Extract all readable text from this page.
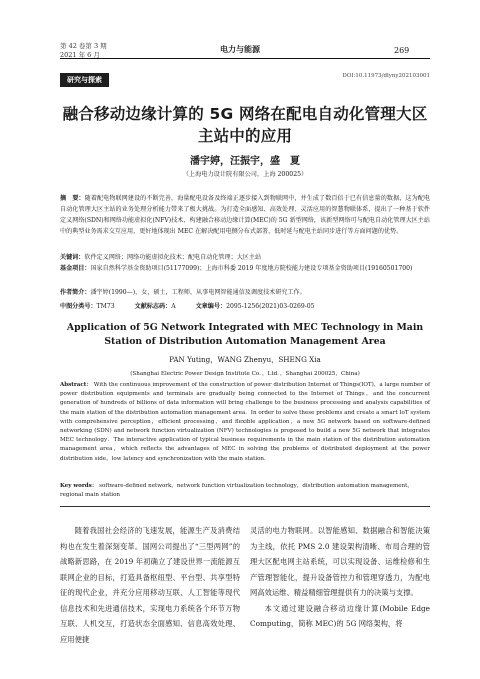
第 42 卷第 3 期
2021 年 6 月
电力与能源	269
研究与探索	DOI:10.11973/dlyny202103001
融合移动边缘计算的 5G 网络在配电自动化管理大区主站中的应用
潘宇婷，汪振宇，盛　夏
（上海电力设计院有限公司，上海 200025）
摘　要：随着配电物联网建设的不断完善，海量配电设备及终端正逐步接入到物联网中，并生成了数百倍于已有信息量的数据，这为配电自动化管理大区主站的业务处理分析能力带来了极大挑战。为打造全面感知、高效处理、灵活应用的智慧物联体系，提出了一种基于软件定义网络(SDN)和网络功能虚拟化(NFV)技术、构建融合移动边缘计算(MEC)的 5G 新型网络，该新型网络可与配电自动化管理大区主站中的典型业务需求交互应用，更好地体现出 MEC 在解决配用电侧分布式部署、低时延与配电主站同步进行等方面问题的优势。
关键词：软件定义网络；网络功能虚拟化技术；配电自动化管理；大区主站
基金项目：国家自然科学基金资助项目(51177099)；上海市科委 2019 年度地方院校能力建设专项基金资助项目(19160501700)
作者简介：潘宇婷(1990—)，女，硕士，工程师，从事电网智能通信及调度技术研究工作。
中图分类号：TM73	文献标志码：A	文章编号：2095-1256(2021)03-0269-05
Application of 5G Network Integrated with MEC Technology in Main Station of Distribution Automation Management Area
PAN Yuting，WANG Zhenyu，SHENG Xia
(Shanghai Electric Power Design Institute Co．，Ltd．，Shanghai 200025，China)
Abstract： With the continuous improvement of the construction of power distribution Internet of Things(IOT)，a large number of power distribution equipments and terminals are gradually being connected to the Internet of Things，and the concurrent generation of hundreds of billions of data information will bring challenge to the business processing and analysis capabilities of the main station of the distribution automation management area．In order to solve these problems and create a smart IoT system with comprehensive perception，efficient processing，and flexible application，a new 5G network based on software-defined networking (SDN) and network function virtualization (NFV) technologies is proposed to build a new 5G network that integrates MEC technology．The interactive application of typical business requirements in the main station of the distribution automation management area，which reflects the advantages of MEC in solving the problems of distributed deployment at the power distribution side，low latency and synchronization with the main station．
Key words： software-defined network，network function virtualization technology，distribution automation management，regional main station
随着我国社会经济的飞速发展，能源生产及消费结构也在发生着深刻变革。国网公司提出了“三型两网”的战略新思路，在 2019 年初确立了建设世界一流能源互联网企业的目标，打造具备枢纽型、平台型、共享型特征的现代企业，并充分应用移动互联、人工智能等现代信息技术和先进通信技术，实现电力系统各个环节万物互联、人机交互，打造状态全面感知、信息高效处理、应用便捷

灵活的电力物联网。以智能感知、数据融合和智能决策为主线，依托 PMS 2.0 建设架构清晰、布局合理的管理大区配电网主站系统，可以实现设备、运维检修和生产管理智能化，提升设备管控力和管理穿透力，为配电网高效运维、精益精细管理提供有力的决策与支撑。

本文通过建设融合移动边缘计算(Mobile Edge Computing，简称 MEC)的 5G 网络架构，将
